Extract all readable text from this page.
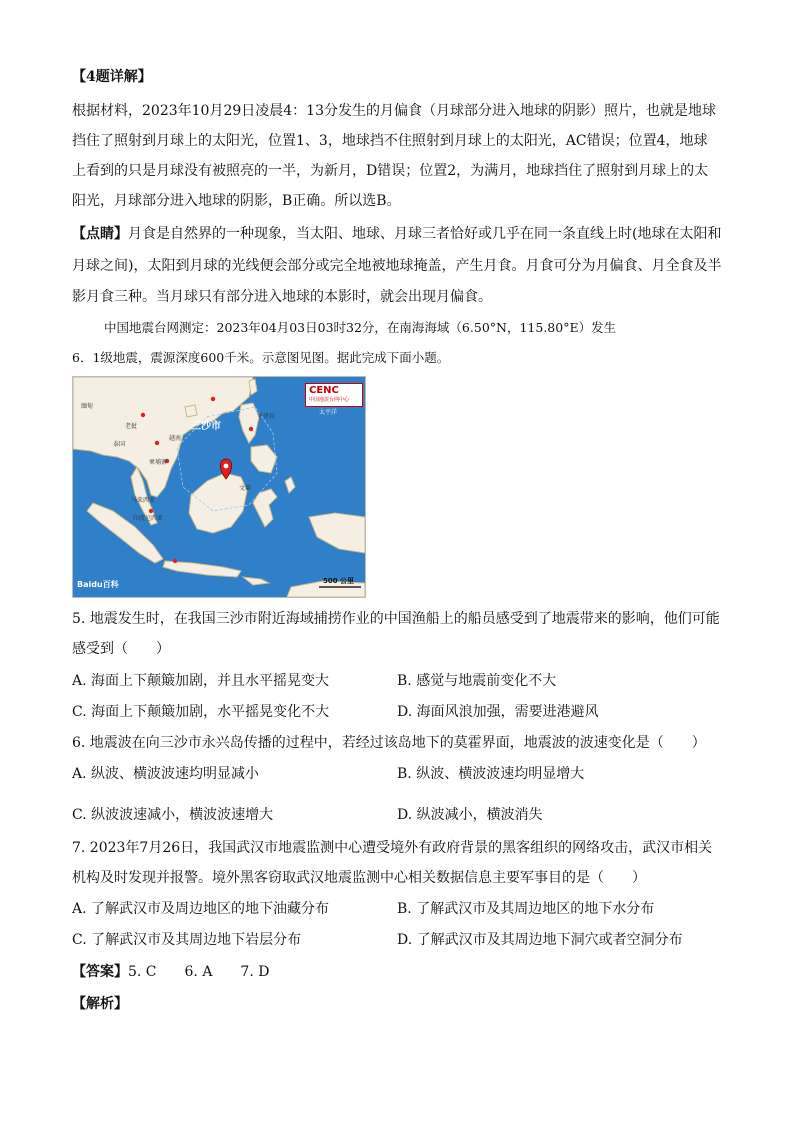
【4题详解】
根据材料，2023年10月29日凌晨4：13分发生的月偏食（月球部分进入地球的阴影）照片，也就是地球
挡住了照射到月球上的太阳光，位置1、3，地球挡不住照射到月球上的太阳光，AC错误；位置4，地球
上看到的只是月球没有被照亮的一半，为新月，D错误；位置2，为满月，地球挡住了照射到月球上的太
阳光，月球部分进入地球的阴影，B正确。所以选B。
【点睛】月食是自然界的一种现象，当太阳、地球、月球三者恰好或几乎在同一条直线上时(地球在太阳和
月球之间)，太阳到月球的光线便会部分或完全地被地球掩盖，产生月食。月食可分为月偏食、月全食及半
影月食三种。当月球只有部分进入地球的本影时，就会出现月偏食。
中国地震台网测定：2023年04月03日03时32分，在南海海域（6.50°N，115.80°E）发生
6．1级地震，震源深度600千米。示意图见图。据此完成下面小题。
CENC
中国地震台网中心
三沙市
缅甸
老挝
泰国
柬埔寨
越南
马来西亚
印度尼西亚
文莱
菲律宾
太平洋
500 公里
Baidu百科
5. 地震发生时，在我国三沙市附近海域捕捞作业的中国渔船上的船员感受到了地震带来的影响，他们可能
感受到（　　）
A. 海面上下颠簸加剧，并且水平摇晃变大	B. 感觉与地震前变化不大
C. 海面上下颠簸加剧，水平摇晃变化不大	D. 海面风浪加强，需要进港避风
6. 地震波在向三沙市永兴岛传播的过程中，若经过该岛地下的莫霍界面，地震波的波速变化是（　　）
A. 纵波、横波波速均明显减小	B. 纵波、横波波速均明显增大
C. 纵波波速减小，横波波速增大	D. 纵波减小，横波消失
7. 2023年7月26日，我国武汉市地震监测中心遭受境外有政府背景的黑客组织的网络攻击，武汉市相关
机构及时发现并报警。境外黑客窃取武汉地震监测中心相关数据信息主要军事目的是（　　）
A. 了解武汉市及周边地区的地下油藏分布	B. 了解武汉市及其周边地区的地下水分布
C. 了解武汉市及其周边地下岩层分布	D. 了解武汉市及其周边地下洞穴或者空洞分布
【答案】5. C　　6. A　　7. D
【解析】
